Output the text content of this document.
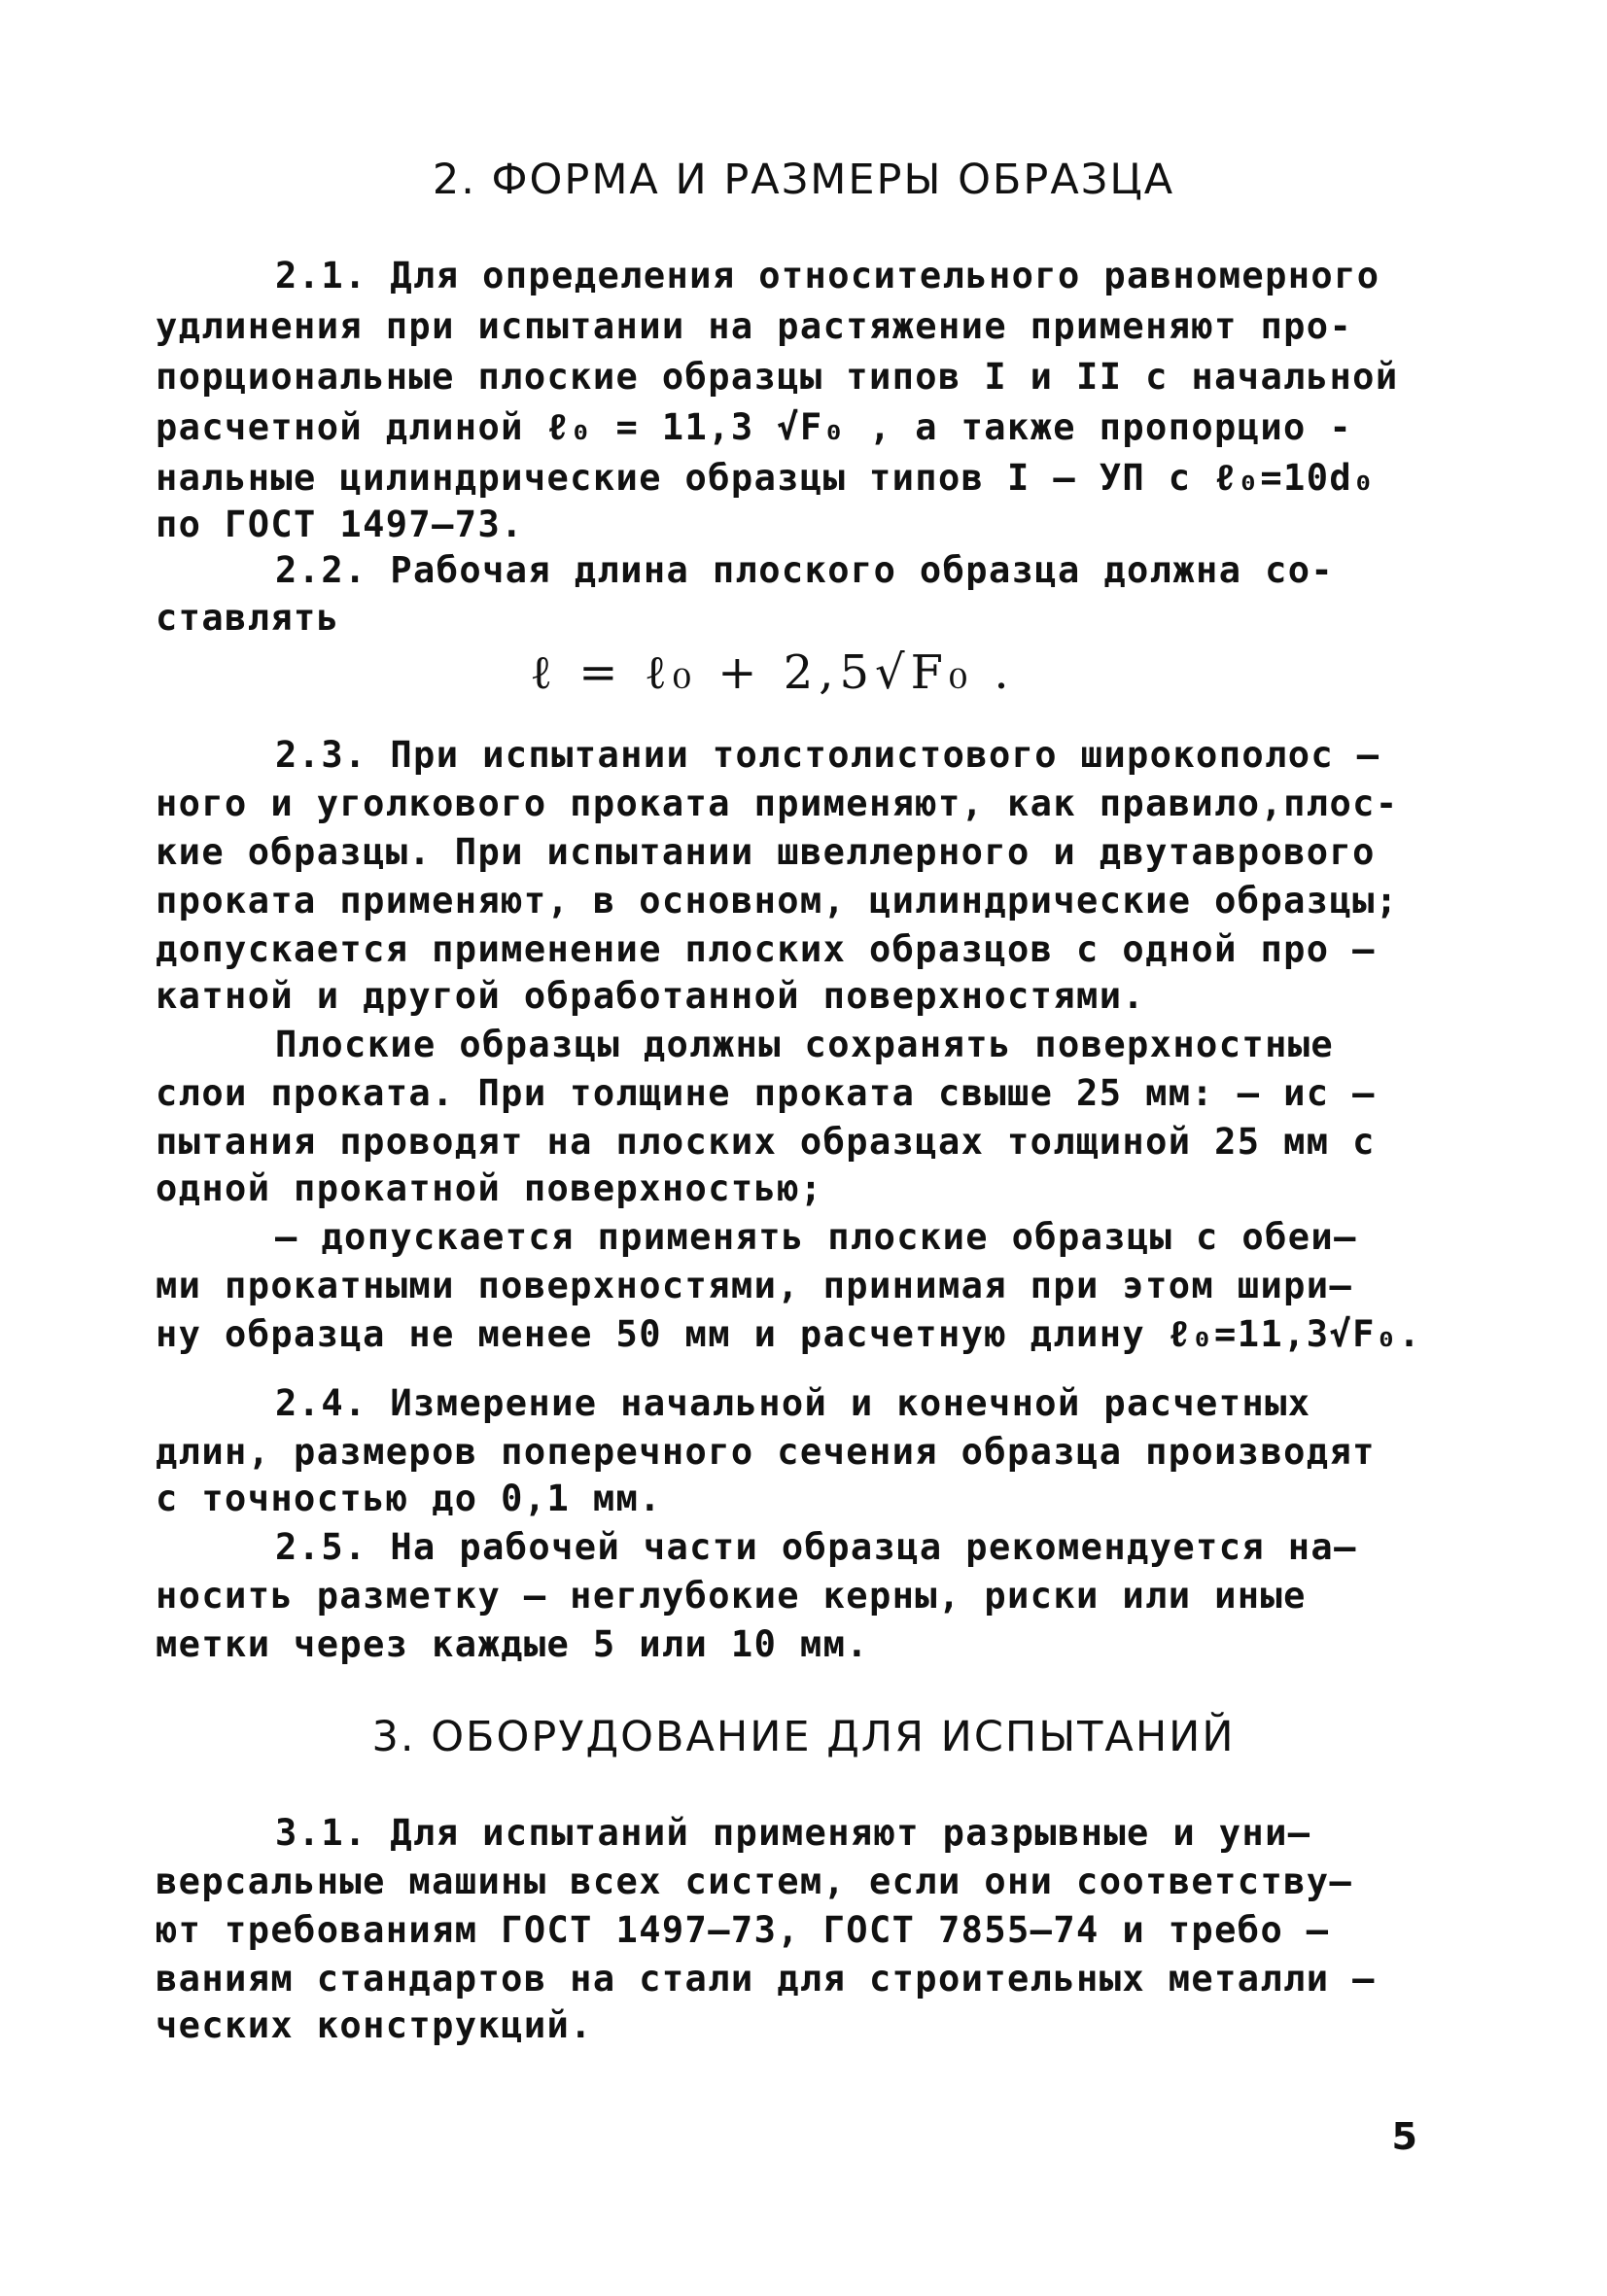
2. ФОРМА И РАЗМЕРЫ ОБРАЗЦА
2.1. Для определения относительного равномерного
удлинения при испытании на растяжение применяют про-
порциональные плоские образцы типов I и II с начальной
расчетной длиной ℓ₀ = 11,3 √F₀ , а также пропорцио -
нальные цилиндрические образцы типов I – УП с ℓ₀=10d₀
по ГОСТ 1497–73.
2.2. Рабочая длина плоского образца должна со-
ставлять
ℓ = ℓ₀ + 2,5√F₀ .
2.3. При испытании толстолистового широкополос –
ного и уголкового проката применяют, как правило,плос-
кие образцы. При испытании швеллерного и двутаврового
проката применяют, в основном, цилиндрические образцы;
допускается применение плоских образцов с одной про –
катной и другой обработанной поверхностями.
Плоские образцы должны сохранять поверхностные
слои проката. При толщине проката свыше 25 мм: – ис –
пытания проводят на плоских образцах толщиной 25 мм с
одной прокатной поверхностью;
– допускается применять плоские образцы с обеи–
ми прокатными поверхностями, принимая при этом шири–
ну образца не менее 50 мм и расчетную длину ℓ₀=11,3√F₀.
2.4. Измерение начальной и конечной расчетных
длин, размеров поперечного сечения образца производят
с точностью до 0,1 мм.
2.5. На рабочей части образца рекомендуется на–
носить разметку – неглубокие керны, риски или иные
метки через каждые 5 или 10 мм.
3. ОБОРУДОВАНИЕ ДЛЯ ИСПЫТАНИЙ
3.1. Для испытаний применяют разрывные и уни–
версальные машины всех систем, если они соответству–
ют требованиям ГОСТ 1497–73, ГОСТ 7855–74 и требо –
ваниям стандартов на стали для строительных металли –
ческих конструкций.
5
